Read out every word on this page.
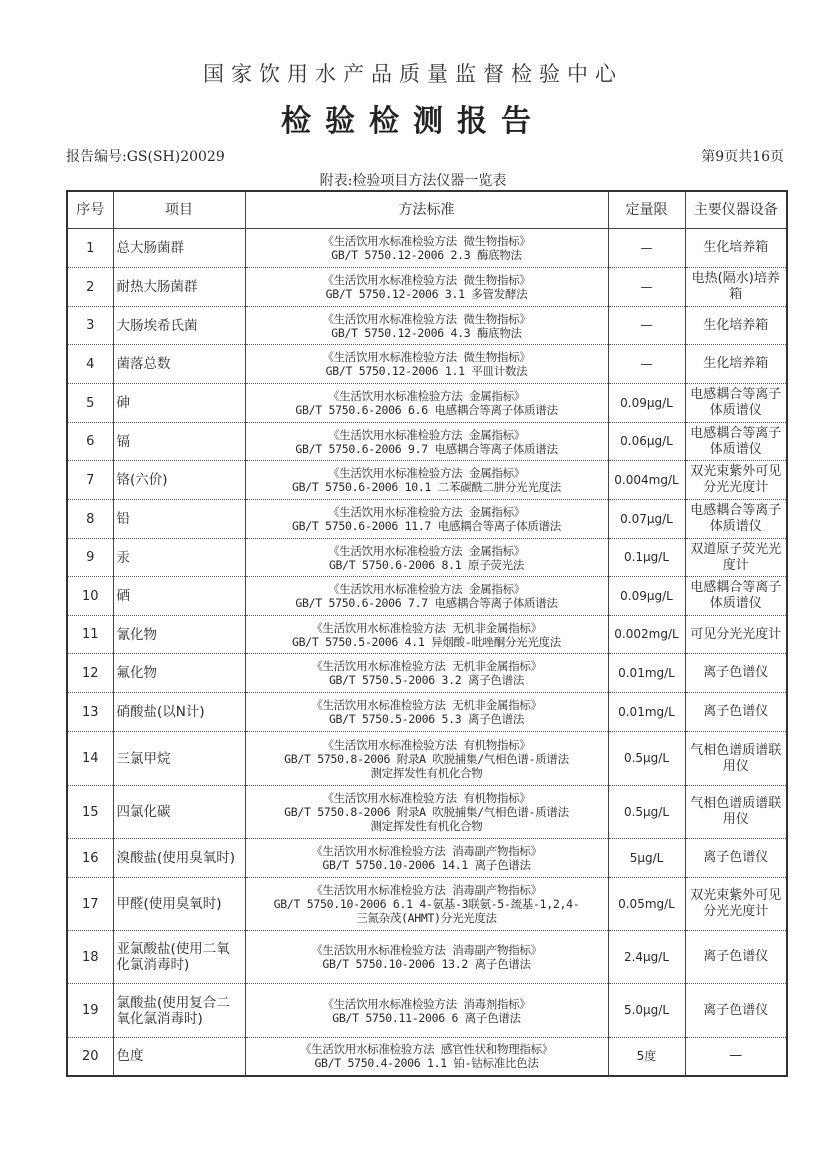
国家饮用水产品质量监督检验中心
检验检测报告
报告编号:GS(SH)20029	第9页共16页
附表:检验项目方法仪器一览表
序号	项目	方法标准	定量限	主要仪器设备
1	总大肠菌群	《生活饮用水标准检验方法 微生物指标》
GB/T 5750.12-2006 2.3 酶底物法	—	生化培养箱
2	耐热大肠菌群	《生活饮用水标准检验方法 微生物指标》
GB/T 5750.12-2006 3.1 多管发酵法	—	电热(隔水)培养箱
3	大肠埃希氏菌	《生活饮用水标准检验方法 微生物指标》
GB/T 5750.12-2006 4.3 酶底物法	—	生化培养箱
4	菌落总数	《生活饮用水标准检验方法 微生物指标》
GB/T 5750.12-2006 1.1 平皿计数法	—	生化培养箱
5	砷	《生活饮用水标准检验方法 金属指标》
GB/T 5750.6-2006 6.6 电感耦合等离子体质谱法	0.09μg/L	电感耦合等离子体质谱仪
6	镉	《生活饮用水标准检验方法 金属指标》
GB/T 5750.6-2006 9.7 电感耦合等离子体质谱法	0.06μg/L	电感耦合等离子体质谱仪
7	铬(六价)	《生活饮用水标准检验方法 金属指标》
GB/T 5750.6-2006 10.1 二苯碳酰二肼分光光度法	0.004mg/L	双光束紫外可见分光光度计
8	铅	《生活饮用水标准检验方法 金属指标》
GB/T 5750.6-2006 11.7 电感耦合等离子体质谱法	0.07μg/L	电感耦合等离子体质谱仪
9	汞	《生活饮用水标准检验方法 金属指标》
GB/T 5750.6-2006 8.1 原子荧光法	0.1μg/L	双道原子荧光光度计
10	硒	《生活饮用水标准检验方法 金属指标》
GB/T 5750.6-2006 7.7 电感耦合等离子体质谱法	0.09μg/L	电感耦合等离子体质谱仪
11	氰化物	《生活饮用水标准检验方法 无机非金属指标》
GB/T 5750.5-2006 4.1 异烟酸-吡唑酮分光光度法	0.002mg/L	可见分光光度计
12	氟化物	《生活饮用水标准检验方法 无机非金属指标》
GB/T 5750.5-2006 3.2 离子色谱法	0.01mg/L	离子色谱仪
13	硝酸盐(以N计)	《生活饮用水标准检验方法 无机非金属指标》
GB/T 5750.5-2006 5.3 离子色谱法	0.01mg/L	离子色谱仪
14	三氯甲烷	《生活饮用水标准检验方法 有机物指标》
GB/T 5750.8-2006 附录A 吹脱捕集/气相色谱-质谱法
测定挥发性有机化合物	0.5μg/L	气相色谱质谱联用仪
15	四氯化碳	《生活饮用水标准检验方法 有机物指标》
GB/T 5750.8-2006 附录A 吹脱捕集/气相色谱-质谱法
测定挥发性有机化合物	0.5μg/L	气相色谱质谱联用仪
16	溴酸盐(使用臭氧时)	《生活饮用水标准检验方法 消毒副产物指标》
GB/T 5750.10-2006 14.1 离子色谱法	5μg/L	离子色谱仪
17	甲醛(使用臭氧时)	《生活饮用水标准检验方法 消毒副产物指标》
GB/T 5750.10-2006 6.1 4-氨基-3联氨-5-巯基-1,2,4-
三氮杂茂(AHMT)分光光度法	0.05mg/L	双光束紫外可见分光光度计
18	亚氯酸盐(使用二氧化氯消毒时)	《生活饮用水标准检验方法 消毒副产物指标》
GB/T 5750.10-2006 13.2 离子色谱法	2.4μg/L	离子色谱仪
19	氯酸盐(使用复合二氧化氯消毒时)	《生活饮用水标准检验方法 消毒剂指标》
GB/T 5750.11-2006 6 离子色谱法	5.0μg/L	离子色谱仪
20	色度	《生活饮用水标准检验方法 感官性状和物理指标》
GB/T 5750.4-2006 1.1 铂-钴标准比色法	5度	—
